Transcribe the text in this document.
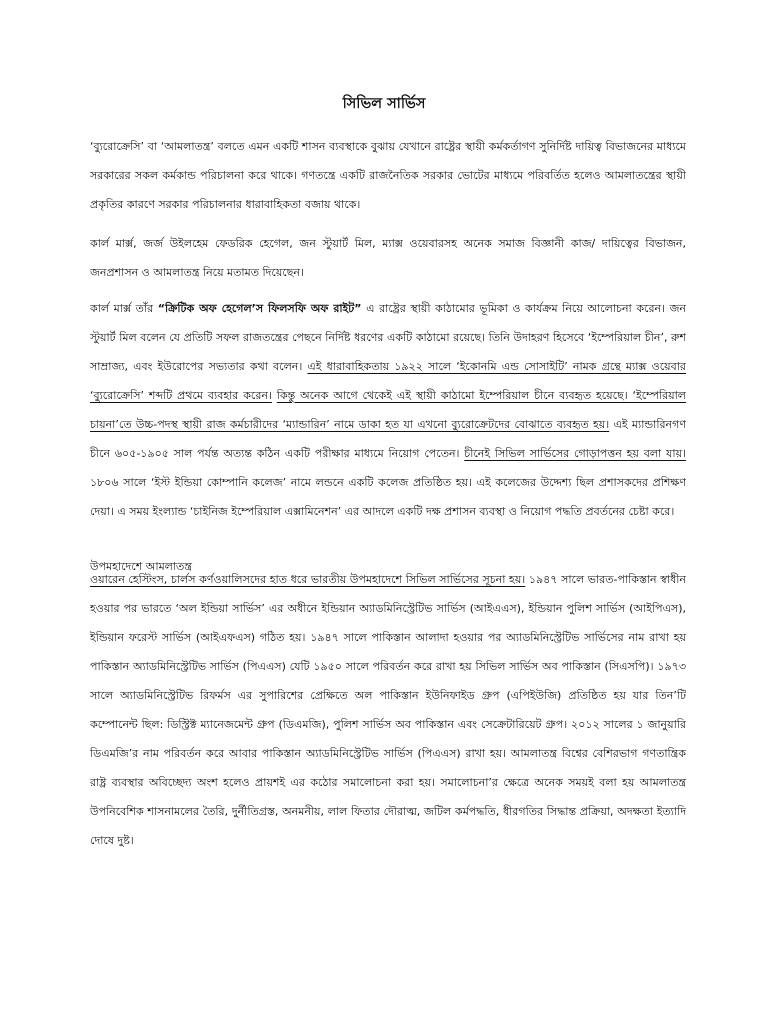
সিভিল সার্ভিস

‘ব্যুরোক্রেসি’ বা ‘আমলাতন্ত্র’ বলতে এমন একটি শাসন ব্যবস্থাকে বুঝায় যেখানে রাষ্ট্রের স্থায়ী কর্মকর্তাগণ সুনির্দিষ্ট দায়িত্ব বিভাজনের মাধ্যমে সরকারের সকল কর্মকান্ড পরিচালনা করে থাকে। গণতন্ত্রে একটি রাজনৈতিক সরকার ভোটের মাধ্যমে পরিবর্তিত হলেও আমলাতন্ত্রের স্থায়ী প্রকৃতির কারণে সরকার পরিচালনার ধারাবাহিকতা বজায় থাকে।

কার্ল মার্ক্স, জর্জ উইলহেম ফেডরিক হেগেল, জন স্টুয়ার্ট মিল, ম্যাক্স ওয়েবারসহ অনেক সমাজ বিজ্ঞানী কাজ/ দায়িত্বের বিভাজন, জনপ্রশাসন ও আমলাতন্ত্র নিয়ে মতামত দিয়েছেন।

কার্ল মার্ক্স তাঁর “ক্রিটিক অফ হেগেল’স ফিলসফি অফ রাইট” এ রাষ্ট্রের স্থায়ী কাঠামোর ভূমিকা ও কার্যক্রম নিয়ে আলোচনা করেন। জন স্টুয়ার্ট মিল বলেন যে প্রতিটি সফল রাজতন্ত্রের পেছনে নির্দিষ্ট ধরণের একটি কাঠামো রয়েছে। তিনি উদাহরণ হিসেবে ‘ইম্পেরিয়াল চীন’, রুশ সাম্রাজ্য, এবং ইউরোপের সভ্যতার কথা বলেন। এই ধারাবাহিকতায় ১৯২২ সালে ‘ইকোনমি এন্ড সোসাইটি’ নামক গ্রন্থে ম্যাক্স ওয়েবার ‘ব্যুরোক্রেসি’ শব্দটি প্রথমে ব্যবহার করেন। কিন্তু অনেক আগে থেকেই এই স্থায়ী কাঠামো ইম্পেরিয়াল চীনে ব্যবহৃত হয়েছে। ‘ইম্পেরিয়াল চায়না’তে উচ্চ-পদস্থ স্থায়ী রাজ কর্মচারীদের ‘ম্যান্ডারিন’ নামে ডাকা হত যা এখনো ব্যুরোক্রেটদের বোঝাতে ব্যবহৃত হয়। এই ম্যান্ডারিনগণ চীনে ৬০৫-১৯০৫ সাল পর্যন্ত অত্যন্ত কঠিন একটি পরীক্ষার মাধ্যমে নিয়োগ পেতেন। চীনেই সিভিল সার্ভিসের গোড়াপত্তন হয় বলা যায়। ১৮০৬ সালে ‘ইস্ট ইন্ডিয়া কোম্পানি কলেজ’ নামে লন্ডনে একটি কলেজ প্রতিষ্ঠিত হয়। এই কলেজের উদ্দেশ্য ছিল প্রশাসকদের প্রশিক্ষণ দেয়া। এ সময় ইংল্যান্ড ‘চাইনিজ ইম্পেরিয়াল এক্সামিনেশন’ এর আদলে একটি দক্ষ প্রশাসন ব্যবস্থা ও নিয়োগ পদ্ধতি প্রবর্তনের চেষ্টা করে।

উপমহাদেশে আমলাতন্ত্র

ওয়ারেন হেস্টিংস, চার্লস কর্ণওয়ালিসদের হাত ধরে ভারতীয় উপমহাদেশে সিভিল সার্ভিসের সূচনা হয়। ১৯৪৭ সালে ভারত-পাকিস্তান স্বাধীন হওয়ার পর ভারতে ‘অল ইন্ডিয়া সার্ভিস’ এর অধীনে ইন্ডিয়ান অ্যাডমিনিস্ট্রেটিভ সার্ভিস (আইএএস), ইন্ডিয়ান পুলিশ সার্ভিস (আইপিএস), ইন্ডিয়ান ফরেস্ট সার্ভিস (আইএফএস) গঠিত হয়। ১৯৪৭ সালে পাকিস্তান আলাদা হওয়ার পর অ্যাডমিনিস্ট্রেটিভ সার্ভিসের নাম রাখা হয় পাকিস্তান অ্যাডমিনিস্ট্রেটিভ সার্ভিস (পিএএস) যেটি ১৯৫০ সালে পরিবর্তন করে রাখা হয় সিভিল সার্ভিস অব পাকিস্তান (সিএসপি)। ১৯৭৩ সালে অ্যাডমিনিস্ট্রেটিভ রিফর্মস এর সুপারিশের প্রেক্ষিতে অল পাকিস্তান ইউনিফাইড গ্রুপ (এপিইউজি) প্রতিষ্ঠিত হয় যার তিন’টি কম্পোনেন্ট ছিল: ডিস্ট্রিক্ট ম্যানেজমেন্ট গ্রুপ (ডিএমজি), পুলিশ সার্ভিস অব পাকিস্তান এবং সেক্রেটারিয়েট গ্রুপ। ২০১২ সালের ১ জানুয়ারি ডিএমজি’র নাম পরিবর্তন করে আবার পাকিস্তান অ্যাডমিনিস্ট্রেটিভ সার্ভিস (পিএএস) রাখা হয়। আমলাতন্ত্র বিশ্বের বেশিরভাগ গণতান্ত্রিক রাষ্ট্র ব্যবস্থার অবিচ্ছেদ্য অংশ হলেও প্রায়শই এর কঠোর সমালোচনা করা হয়। সমালোচনা’র ক্ষেত্রে অনেক সময়ই বলা হয় আমলাতন্ত্র উপনিবেশিক শাসনামলের তৈরি, দুর্নীতিগ্রস্ত, অনমনীয়, লাল ফিতার দৌরাত্ম, জটিল কর্মপদ্ধতি, ধীরগতির সিদ্ধান্ত প্রক্রিয়া, অদক্ষতা ইত্যাদি দোষে দুষ্ট।
